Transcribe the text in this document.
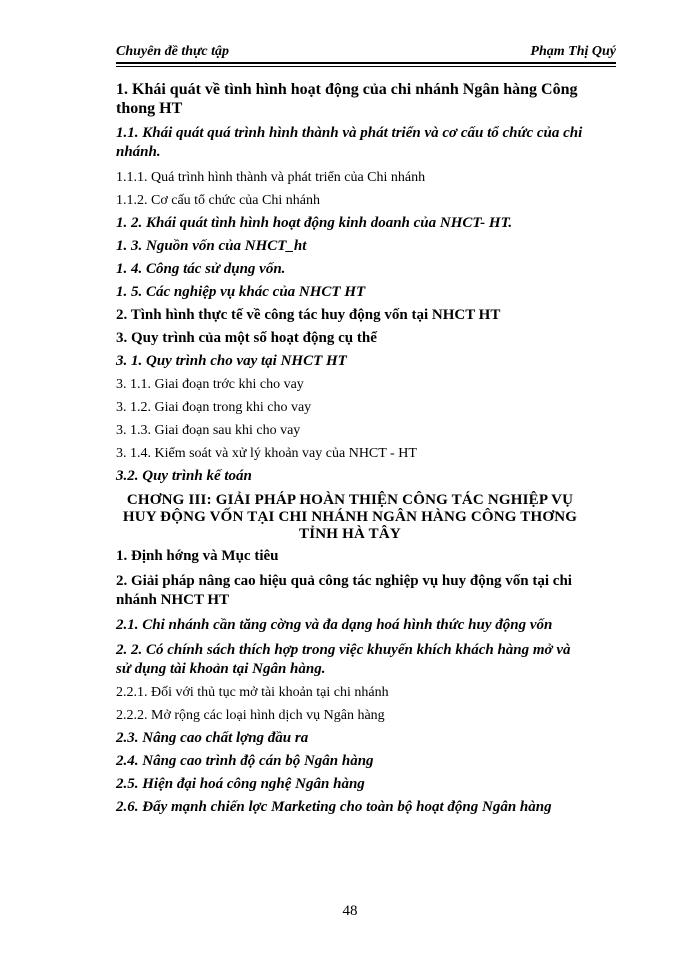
Chuyên đề thực tập	Phạm Thị Quý

1. Khái quát về tình hình hoạt động của chi nhánh Ngân hàng Công thong HT

1.1. Khái quát quá trình hình thành và phát triển và cơ cấu tổ chức của chi nhánh.

1.1.1. Quá trình hình thành và phát triển của Chi nhánh

1.1.2. Cơ cấu tổ chức của Chi nhánh

1. 2. Khái quát tình hình hoạt động kinh doanh của NHCT- HT.

1. 3. Nguồn vốn của NHCT_ht

1. 4. Công tác sử dụng vốn.

1. 5. Các nghiệp vụ khác của NHCT HT

2. Tình hình thực tế về công tác huy động vốn tại NHCT HT

3. Quy trình của một số hoạt động cụ thể

3. 1. Quy trình cho vay tại NHCT HT

3. 1.1. Giai đoạn trớc khi cho vay

3. 1.2. Giai đoạn trong khi cho vay

3. 1.3. Giai đoạn sau khi cho vay

3. 1.4. Kiểm soát và xử lý khoản vay của NHCT - HT

3.2. Quy trình kế toán

CHƠNG III: GIẢI PHÁP HOÀN THIỆN CÔNG TÁC NGHIỆP VỤ HUY ĐỘNG VỐN TẠI CHI NHÁNH NGÂN HÀNG CÔNG THƠNG TỈNH HÀ TÂY

1. Định hớng và Mục tiêu

2. Giải pháp nâng cao hiệu quả công tác nghiệp vụ huy động vốn tại chi nhánh NHCT HT

2.1. Chi nhánh cần tăng cờng và đa dạng hoá hình thức huy động vốn

2. 2. Có chính sách thích hợp trong việc khuyến khích khách hàng mở và sử dụng tài khoản tại Ngân hàng.

2.2.1. Đối với thủ tục mở tài khoản tại chi nhánh

2.2.2. Mở rộng các loại hình dịch vụ Ngân hàng

2.3. Nâng cao chất lợng đầu ra

2.4. Nâng cao trình độ cán bộ Ngân hàng

2.5. Hiện đại hoá công nghệ Ngân hàng

2.6. Đẩy mạnh chiến lợc Marketing cho toàn bộ hoạt động Ngân hàng

48
